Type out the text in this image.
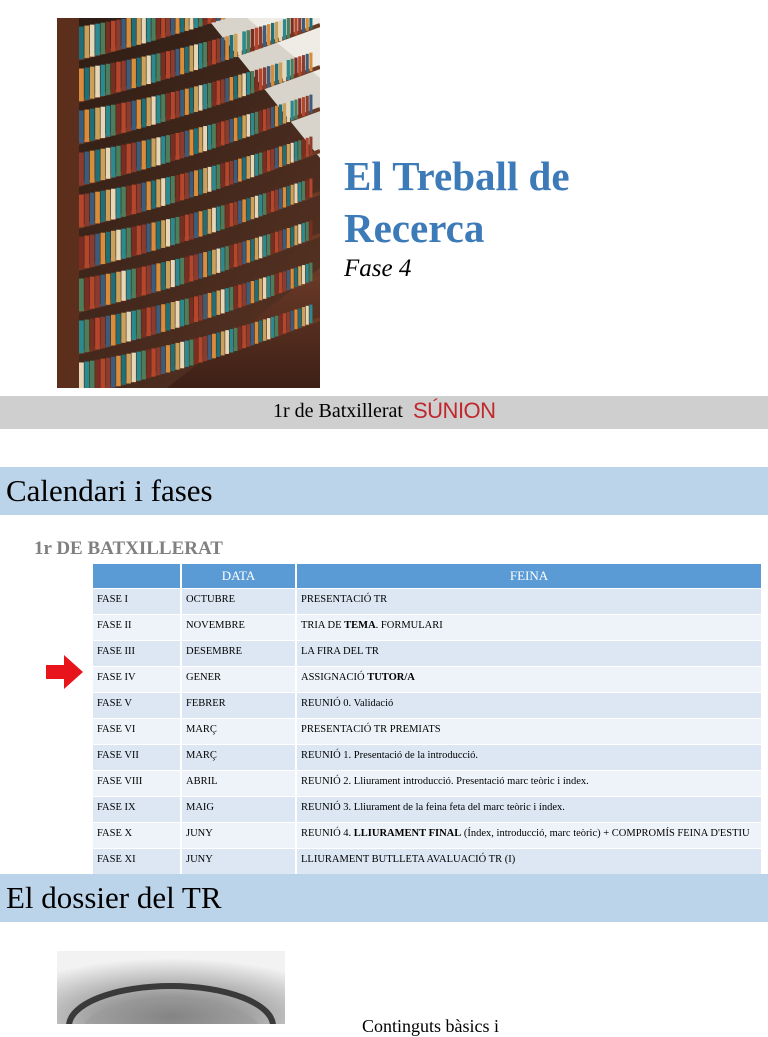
El Treball de
Recerca
Fase 4
1r de Batxillerat SÚNION
Calendari i fases
1r DE BATXILLERAT
	DATA	FEINA
FASE I	OCTUBRE	PRESENTACIÓ TR
FASE II	NOVEMBRE	TRIA DE TEMA. FORMULARI
FASE III	DESEMBRE	LA FIRA DEL TR
FASE IV	GENER	ASSIGNACIÓ TUTOR/A
FASE V	FEBRER	REUNIÓ 0. Validació
FASE VI	MARÇ	PRESENTACIÓ TR PREMIATS
FASE VII	MARÇ	REUNIÓ 1. Presentació de la introducció.
FASE VIII	ABRIL	REUNIÓ 2. Lliurament introducció. Presentació marc teòric i índex.
FASE IX	MAIG	REUNIÓ 3. Lliurament de la feina feta del marc teòric i índex.
FASE X	JUNY	REUNIÓ 4. LLIURAMENT FINAL (Índex, introducció, marc teòric) + COMPROMÍS FEINA D'ESTIU
FASE XI	JUNY	LLIURAMENT BUTLLETA AVALUACIÓ TR (I)
El dossier del TR
Continguts bàsics i
